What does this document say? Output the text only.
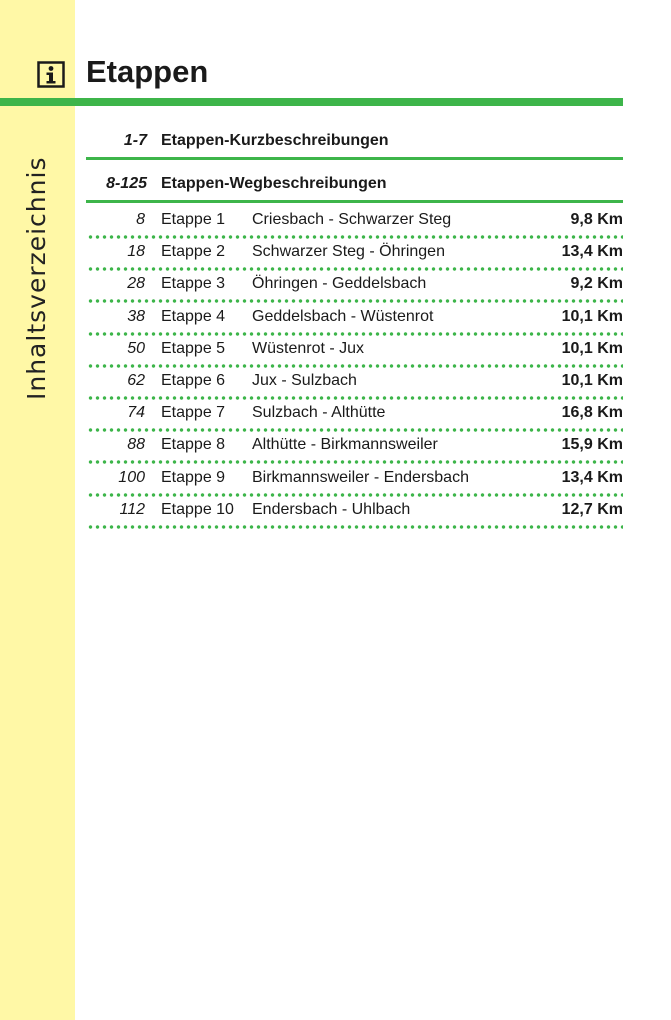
Inhaltsverzeichnis
Etappen
1-7 Etappen-Kurzbeschreibungen
8-125 Etappen-Wegbeschreibungen
8 Etappe 1 Criesbach - Schwarzer Steg	9,8 Km
18 Etappe 2 Schwarzer Steg - Öhringen	13,4 Km
28 Etappe 3 Öhringen - Geddelsbach	9,2 Km
38 Etappe 4 Geddelsbach - Wüstenrot	10,1 Km
50 Etappe 5 Wüstenrot - Jux	10,1 Km
62 Etappe 6 Jux - Sulzbach	10,1 Km
74 Etappe 7 Sulzbach - Althütte	16,8 Km
88 Etappe 8 Althütte - Birkmannsweiler	15,9 Km
100 Etappe 9 Birkmannsweiler - Endersbach	13,4 Km
112 Etappe 10 Endersbach - Uhlbach	12,7 Km
